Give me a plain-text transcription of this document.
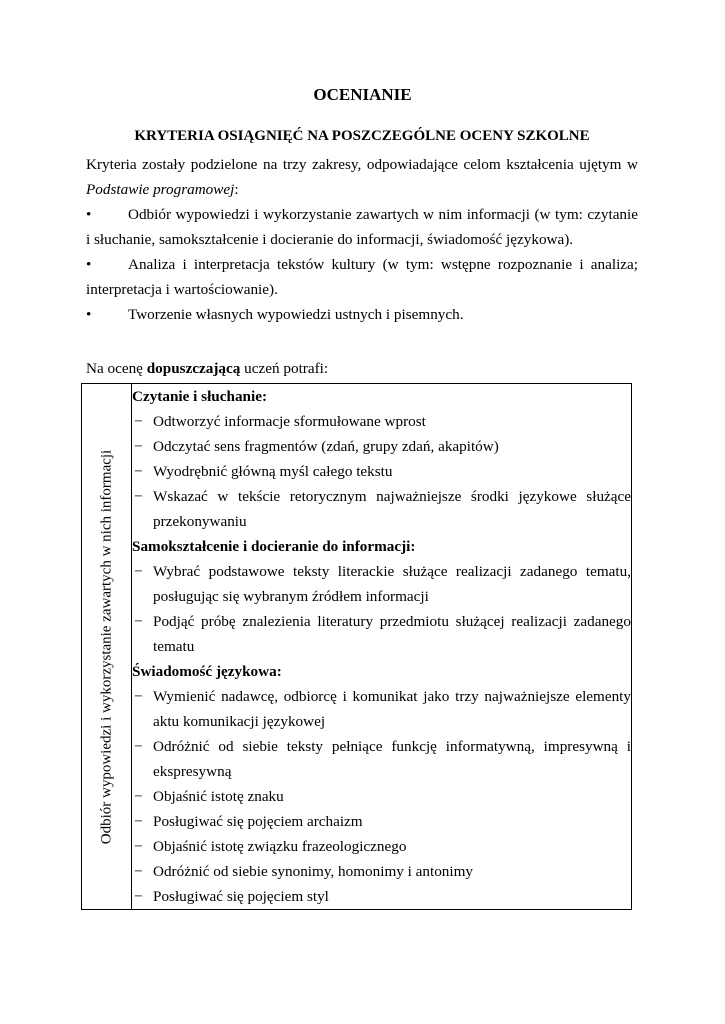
OCENIANIE
KRYTERIA OSIĄGNIĘĆ NA POSZCZEGÓLNE OCENY SZKOLNE

Kryteria zostały podzielone na trzy zakresy, odpowiadające celom kształcenia ujętym w Podstawie programowej:

•	Odbiór wypowiedzi i wykorzystanie zawartych w nim informacji (w tym: czytanie i słuchanie, samokształcenie i docieranie do informacji, świadomość językowa).
•	Analiza i interpretacja tekstów kultury (w tym: wstępne rozpoznanie i analiza; interpretacja i wartościowanie).
•	Tworzenie własnych wypowiedzi ustnych i pisemnych.
Na ocenę dopuszczającą uczeń potrafi:
Odbiór wypowiedzi i wykorzystanie zawartych w nich informacji

Czytanie i słuchanie:
− Odtworzyć informacje sformułowane wprost
− Odczytać sens fragmentów (zdań, grupy zdań, akapitów)
− Wyodrębnić główną myśl całego tekstu
− Wskazać w tekście retorycznym najważniejsze środki językowe służące przekonywaniu
Samokształcenie i docieranie do informacji:
− Wybrać podstawowe teksty literackie służące realizacji zadanego tematu, posługując się wybranym źródłem informacji
− Podjąć próbę znalezienia literatury przedmiotu służącej realizacji zadanego tematu
Świadomość językowa:
− Wymienić nadawcę, odbiorcę i komunikat jako trzy najważniejsze elementy aktu komunikacji językowej
− Odróżnić od siebie teksty pełniące funkcję informatywną, impresywną i ekspresywną
− Objaśnić istotę znaku
− Posługiwać się pojęciem archaizm
− Objaśnić istotę związku frazeologicznego
− Odróżnić od siebie synonimy, homonimy i antonimy
− Posługiwać się pojęciem styl
